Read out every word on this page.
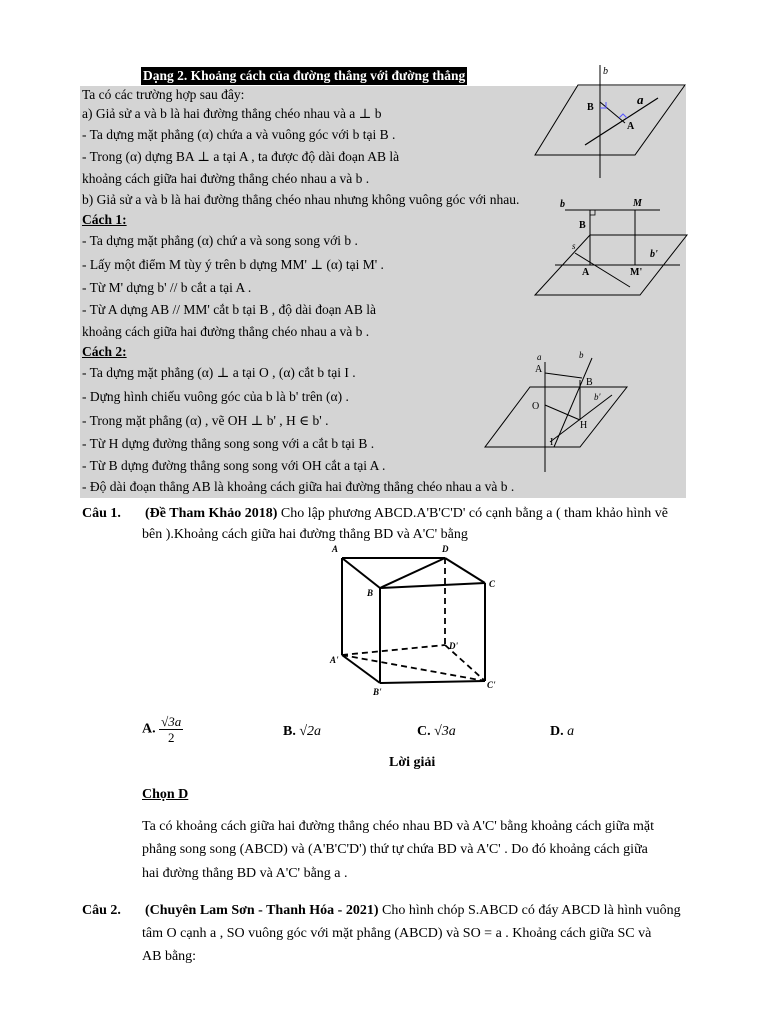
Dạng 2. Khoảng cách của đường thẳng với đường thẳng
Ta có các trường hợp sau đây:
a) Giả sử a và b là hai đường thẳng chéo nhau và a ⊥ b
- Ta dựng mặt phẳng (α) chứa a và vuông góc với b tại B .
- Trong (α) dựng BA ⊥ a tại A , ta được độ dài đoạn AB là
khoảng cách giữa hai đường thẳng chéo nhau a và b .
b) Giả sử a và b là hai đường thẳng chéo nhau nhưng không vuông góc với nhau.
Cách 1:
- Ta dựng mặt phẳng (α) chứ a và song song với b .
- Lấy một điểm M tùy ý trên b dựng MM' ⊥ (α) tại M' .
- Từ M' dựng b' // b cắt a tại A .
- Từ A dựng AB // MM' cắt b tại B , độ dài đoạn AB là
khoảng cách giữa hai đường thẳng chéo nhau a và b .
Cách 2:
- Ta dựng mặt phẳng (α) ⊥ a tại O , (α) cắt b tại I .
- Dựng hình chiếu vuông góc của b là b' trên (α) .
- Trong mặt phẳng (α) , vẽ OH ⊥ b' , H ∈ b' .
- Từ H dựng đường thẳng song song với a cắt b tại B .
- Từ B dựng đường thẳng song song với OH cắt a tại A .
- Độ dài đoạn thẳng AB là khoảng cách giữa hai đường thẳng chéo nhau a và b .
b
a
B
A
b	M
B
s
b'
A	M'
a	b
A
B
b'
O
H
I
Câu 1. (Đề Tham Khảo 2018) Cho lập phương ABCD.A'B'C'D' có cạnh bằng a ( tham khảo hình vẽ
bên ).Khoảng cách giữa hai đường thẳng BD và A'C' bằng
A	D
B
C
D'
A'
B'
C'
A. $\frac{√3a}{2}$	B. √2a	C. √3a	D. a
Lời giải
Chọn D
Ta có khoảng cách giữa hai đường thẳng chéo nhau BD và A'C' bằng khoảng cách giữa mặt
phẳng song song (ABCD) và (A'B'C'D') thứ tự chứa BD và A'C' . Do đó khoảng cách giữa
hai đường thẳng BD và A'C' bằng a .
Câu 2. (Chuyên Lam Sơn - Thanh Hóa - 2021) Cho hình chóp S.ABCD có đáy ABCD là hình vuông
tâm O cạnh a , SO vuông góc với mặt phẳng (ABCD) và SO = a . Khoảng cách giữa SC và
AB bằng:
